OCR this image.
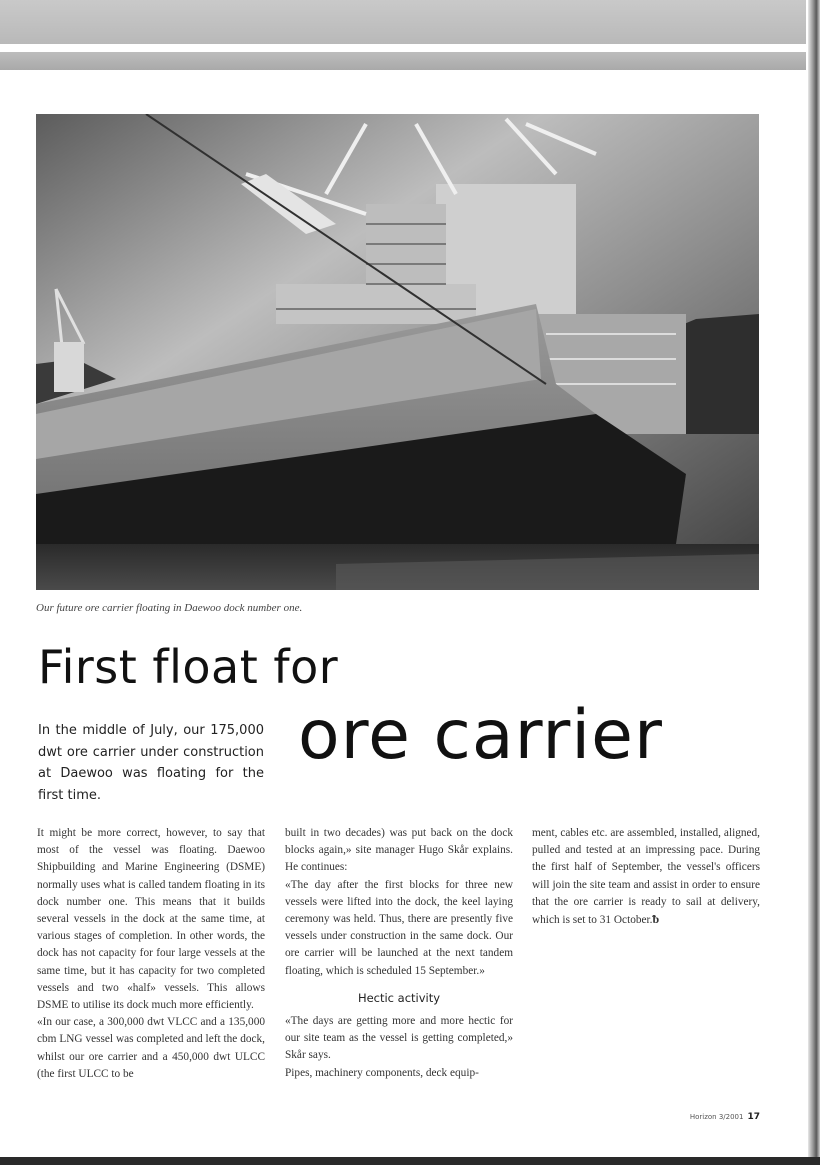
Our future ore carrier floating in Daewoo dock number one.
First float for
ore carrier
In the middle of July, our 175,000 dwt ore carrier under construction at Daewoo was floating for the first time.

It might be more correct, however, to say that most of the vessel was floating. Daewoo Shipbuilding and Marine Engineering (DSME) normally uses what is called tandem floating in its dock number one. This means that it builds several vessels in the dock at the same time, at various stages of completion. In other words, the dock has not capacity for four large vessels at the same time, but it has capacity for two completed vessels and two «half» vessels. This allows DSME to utilise its dock much more efficiently.

«In our case, a 300,000 dwt VLCC and a 135,000 cbm LNG vessel was completed and left the dock, whilst our ore carrier and a 450,000 dwt ULCC (the first ULCC to be

built in two decades) was put back on the dock blocks again,» site manager Hugo Skår explains. He continues:

«The day after the first blocks for three new vessels were lifted into the dock, the keel laying ceremony was held. Thus, there are presently five vessels under construction in the same dock. Our ore carrier will be launched at the next tandem floating, which is scheduled 15 September.»

Hectic activity

«The days are getting more and more hectic for our site team as the vessel is getting completed,» Skår says.

Pipes, machinery components, deck equip-

ment, cables etc. are assembled, installed, aligned, pulled and tested at an impressing pace. During the first half of September, the vessel's officers will join the site team and assist in order to ensure that the ore carrier is ready to sail at delivery, which is set to 31 October.ᵬ

Horizon 3/2001 17
